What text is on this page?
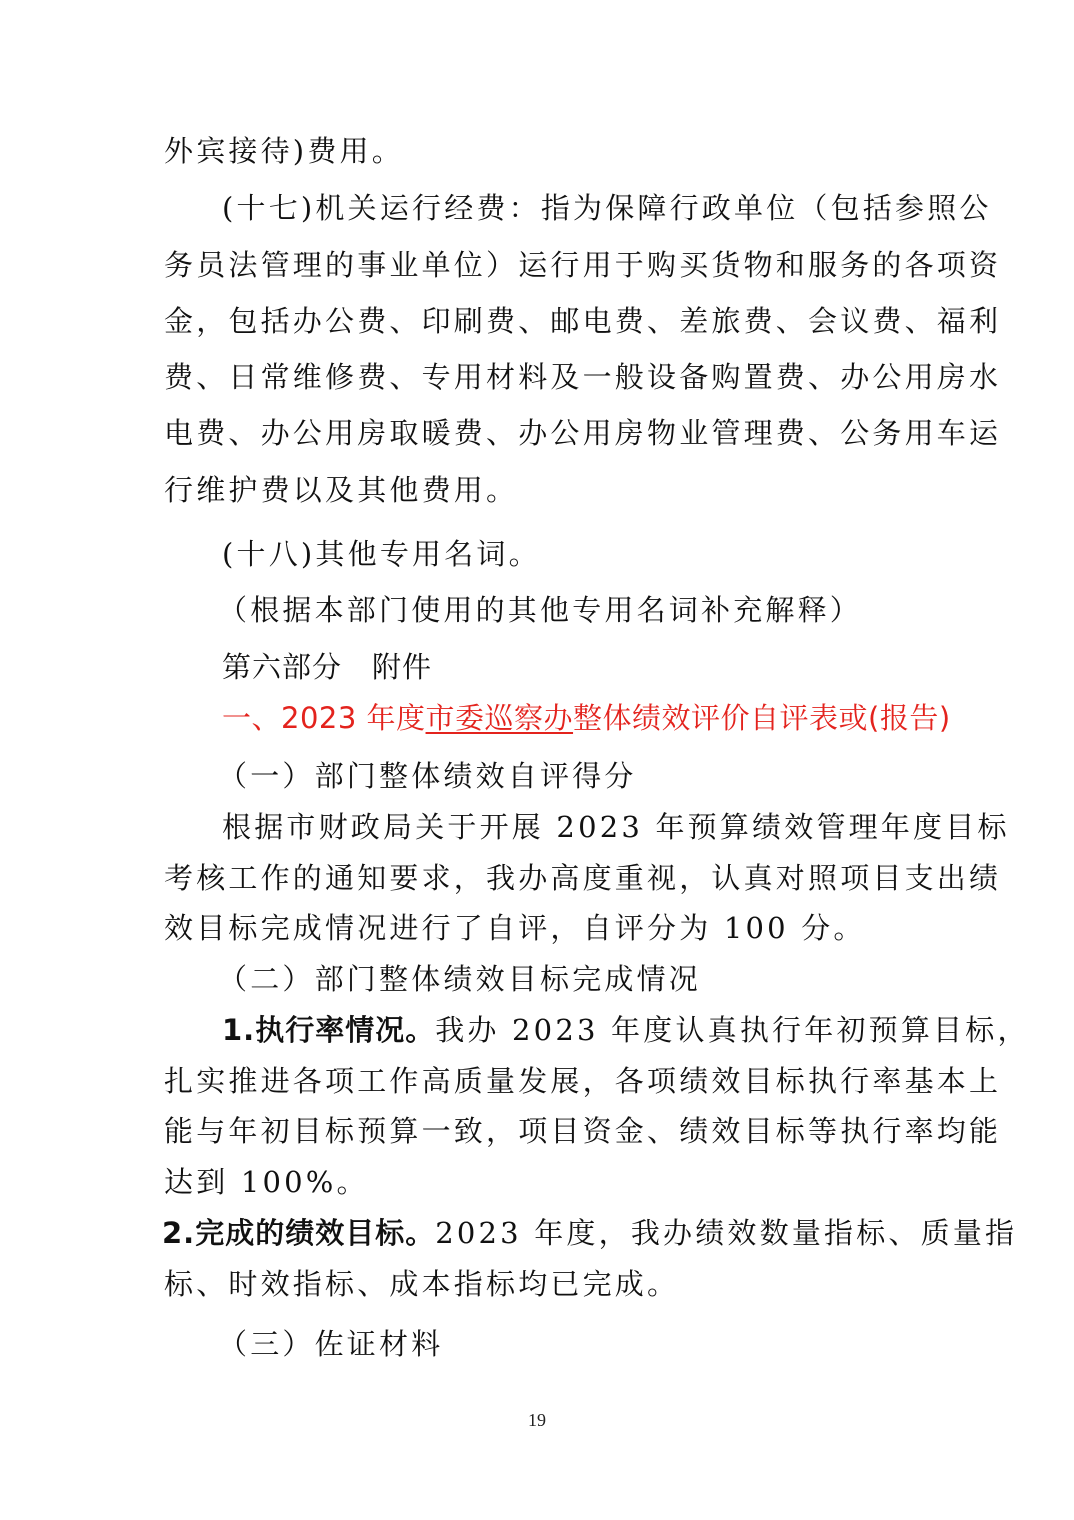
外宾接待)费用。
(十七)机关运行经费：指为保障行政单位（包括参照公
务员法管理的事业单位）运行用于购买货物和服务的各项资
金，包括办公费、印刷费、邮电费、差旅费、会议费、福利
费、日常维修费、专用材料及一般设备购置费、办公用房水
电费、办公用房取暖费、办公用房物业管理费、公务用车运
行维护费以及其他费用。
(十八)其他专用名词。
（根据本部门使用的其他专用名词补充解释）
第六部分　附件
一、2023 年度市委巡察办整体绩效评价自评表或(报告)
（一）部门整体绩效自评得分
根据市财政局关于开展 2023 年预算绩效管理年度目标
考核工作的通知要求，我办高度重视，认真对照项目支出绩
效目标完成情况进行了自评，自评分为 100 分。
（二）部门整体绩效目标完成情况
1.执行率情况。我办 2023 年度认真执行年初预算目标，
扎实推进各项工作高质量发展，各项绩效目标执行率基本上
能与年初目标预算一致，项目资金、绩效目标等执行率均能
达到 100%。
2.完成的绩效目标。2023 年度，我办绩效数量指标、质量指
标、时效指标、成本指标均已完成。
（三）佐证材料
19
